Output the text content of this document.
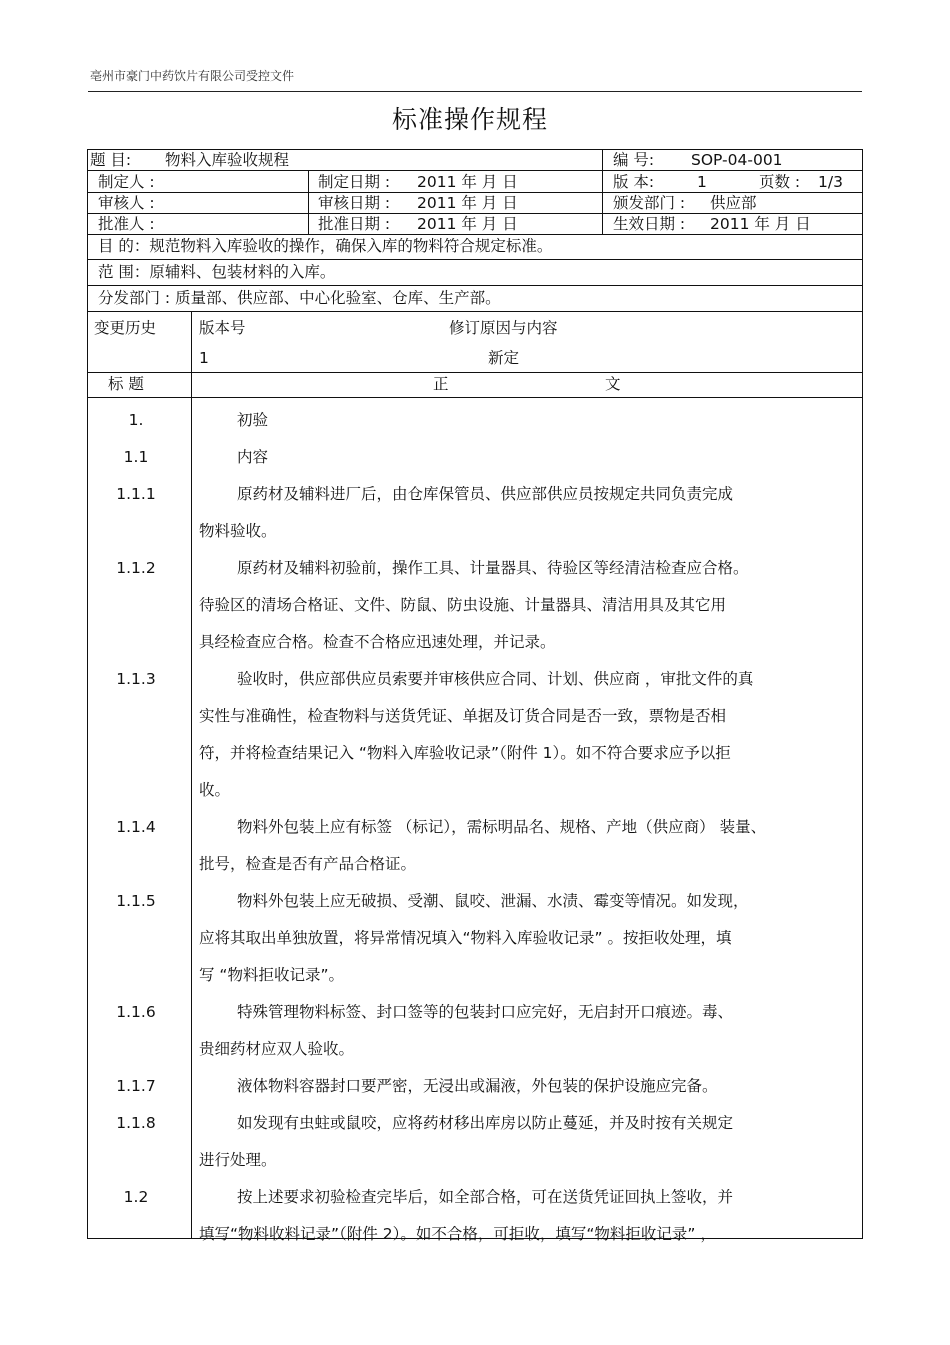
亳州市豪门中药饮片有限公司受控文件
标准操作规程
题 目: 物料入库验收规程	编 号: SOP-04-001
制定人 :	制定日期 : 2011 年 月 日	版 本:	1	页数 : 1/3
审核人 :	审核日期 : 2011 年 月 日	颁发部门 : 供应部
批准人 :	批准日期 : 2011 年 月 日	生效日期 : 2011 年 月 日
目 的：规范物料入库验收的操作，确保入库的物料符合规定标准。
范 围：原辅料、包装材料的入库。
分发部门 : 质量部、供应部、中心化验室、仓库、生产部。
变更历史	版本号	修订原因与内容
1	新定
标 题	正	文
1.	初验

1.1	内容

1.1.1	原药材及辅料进厂后，由仓库保管员、供应部供应员按规定共同负责完成

物料验收。

1.1.2	原药材及辅料初验前，操作工具、计量器具、待验区等经清洁检查应合格。

待验区的清场合格证、文件、防鼠、防虫设施、计量器具、清洁用具及其它用

具经检查应合格。检查不合格应迅速处理，并记录。

1.1.3	验收时，供应部供应员索要并审核供应合同、计划、供应商 ，审批文件的真

实性与准确性，检查物料与送货凭证、单据及订货合同是否一致，票物是否相

符，并将检查结果记入 “物料入库验收记录”（附件 1）。如不符合要求应予以拒

收。

1.1.4	物料外包装上应有标签 （标记），需标明品名、规格、产地（供应商） 装量、

批号，检查是否有产品合格证。

1.1.5	物料外包装上应无破损、受潮、鼠咬、泄漏、水渍、霉变等情况。如发现，

应将其取出单独放置，将异常情况填入“物料入库验收记录” 。按拒收处理，填

写 “物料拒收记录”。

1.1.6	特殊管理物料标签、封口签等的包装封口应完好，无启封开口痕迹。毒、

贵细药材应双人验收。

1.1.7	液体物料容器封口要严密，无浸出或漏液，外包装的保护设施应完备。

1.1.8	如发现有虫蛀或鼠咬，应将药材移出库房以防止蔓延，并及时按有关规定

进行处理。

1.2	按上述要求初验检查完毕后，如全部合格，可在送货凭证回执上签收，并

填写“物料收料记录”（附件 2）。如不合格，可拒收，填写“物料拒收记录” ，
